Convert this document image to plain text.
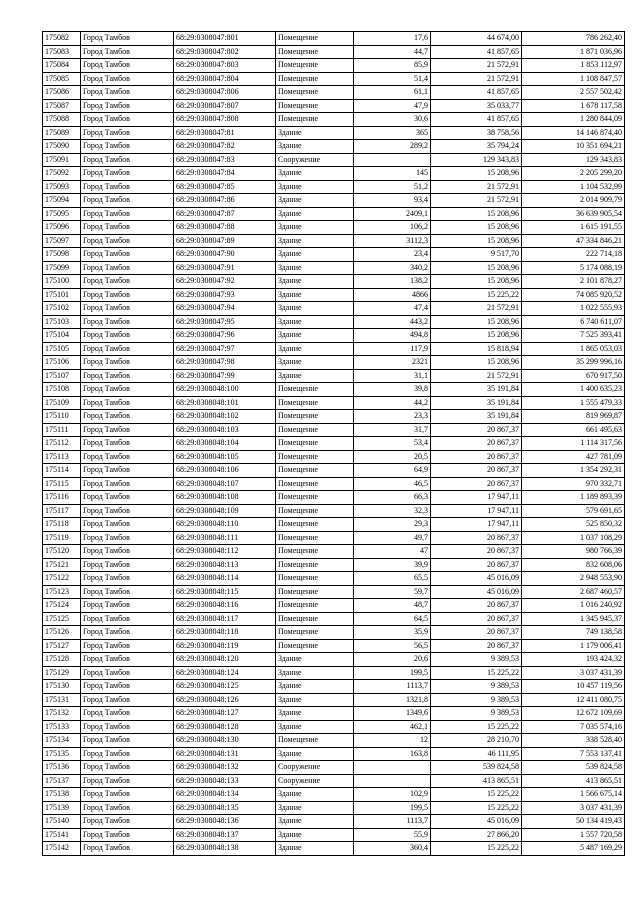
175082	Город Тамбов	68:29:0308047:801	Помещение	17,6	44 674,00	786 262,40
175083	Город Тамбов	68:29:0308047:802	Помещение	44,7	41 857,65	1 871 036,96
175084	Город Тамбов	68:29:0308047:803	Помещение	85,9	21 572,91	1 853 112,97
175085	Город Тамбов	68:29:0308047:804	Помещение	51,4	21 572,91	1 108 847,57
175086	Город Тамбов	68:29:0308047:806	Помещение	61,1	41 857,65	2 557 502,42
175087	Город Тамбов	68:29:0308047:807	Помещение	47,9	35 033,77	1 678 117,58
175088	Город Тамбов	68:29:0308047:808	Помещение	30,6	41 857,65	1 280 844,09
175089	Город Тамбов	68:29:0308047:81	Здание	365	38 758,56	14 146 874,40
175090	Город Тамбов	68:29:0308047:82	Здание	289,2	35 794,24	10 351 694,21
175091	Город Тамбов	68:29:0308047:83	Сооружение		129 343,83	129 343,83
175092	Город Тамбов	68:29:0308047:84	Здание	145	15 208,96	2 205 299,20
175093	Город Тамбов	68:29:0308047:85	Здание	51,2	21 572,91	1 104 532,99
175094	Город Тамбов	68:29:0308047:86	Здание	93,4	21 572,91	2 014 909,79
175095	Город Тамбов	68:29:0308047:87	Здание	2409,1	15 208,96	36 639 905,54
175096	Город Тамбов	68:29:0308047:88	Здание	106,2	15 208,96	1 615 191,55
175097	Город Тамбов	68:29:0308047:89	Здание	3112,3	15 208,96	47 334 846,21
175098	Город Тамбов	68:29:0308047:90	Здание	23,4	9 517,70	222 714,18
175099	Город Тамбов	68:29:0308047:91	Здание	340,2	15 208,96	5 174 088,19
175100	Город Тамбов	68:29:0308047:92	Здание	138,2	15 208,96	2 101 878,27
175101	Город Тамбов	68:29:0308047:93	Здание	4866	15 225,22	74 085 920,52
175102	Город Тамбов	68:29:0308047:94	Здание	47,4	21 572,91	1 022 555,93
175103	Город Тамбов	68:29:0308047:95	Здание	443,2	15 208,96	6 740 611,07
175104	Город Тамбов	68:29:0308047:96	Здание	494,8	15 208,96	7 525 393,41
175105	Город Тамбов	68:29:0308047:97	Здание	117,9	15 818,94	1 865 053,03
175106	Город Тамбов	68:29:0308047:98	Здание	2321	15 208,96	35 299 996,16
175107	Город Тамбов	68:29:0308047:99	Здание	31,1	21 572,91	670 917,50
175108	Город Тамбов	68:29:0308048:100	Помещение	39,8	35 191,84	1 400 635,23
175109	Город Тамбов	68:29:0308048:101	Помещение	44,2	35 191,84	1 555 479,33
175110	Город Тамбов	68:29:0308048:102	Помещение	23,3	35 191,84	819 969,87
175111	Город Тамбов	68:29:0308048:103	Помещение	31,7	20 867,37	661 495,63
175112	Город Тамбов	68:29:0308048:104	Помещение	53,4	20 867,37	1 114 317,56
175113	Город Тамбов	68:29:0308048:105	Помещение	20,5	20 867,37	427 781,09
175114	Город Тамбов	68:29:0308048:106	Помещение	64,9	20 867,37	1 354 292,31
175115	Город Тамбов	68:29:0308048:107	Помещение	46,5	20 867,37	970 332,71
175116	Город Тамбов	68:29:0308048:108	Помещение	66,3	17 947,11	1 189 893,39
175117	Город Тамбов	68:29:0308048:109	Помещение	32,3	17 947,11	579 691,65
175118	Город Тамбов	68:29:0308048:110	Помещение	29,3	17 947,11	525 850,32
175119	Город Тамбов	68:29:0308048:111	Помещение	49,7	20 867,37	1 037 108,29
175120	Город Тамбов	68:29:0308048:112	Помещение	47	20 867,37	980 766,39
175121	Город Тамбов	68:29:0308048:113	Помещение	39,9	20 867,37	832 608,06
175122	Город Тамбов	68:29:0308048:114	Помещение	65,5	45 016,09	2 948 553,90
175123	Город Тамбов	68:29:0308048:115	Помещение	59,7	45 016,09	2 687 460,57
175124	Город Тамбов	68:29:0308048:116	Помещение	48,7	20 867,37	1 016 240,92
175125	Город Тамбов	68:29:0308048:117	Помещение	64,5	20 867,37	1 345 945,37
175126	Город Тамбов	68:29:0308048:118	Помещение	35,9	20 867,37	749 138,58
175127	Город Тамбов	68:29:0308048:119	Помещение	56,5	20 867,37	1 179 006,41
175128	Город Тамбов	68:29:0308048:120	Здание	20,6	9 389,53	193 424,32
175129	Город Тамбов	68:29:0308048:124	Здание	199,5	15 225,22	3 037 431,39
175130	Город Тамбов	68:29:0308048:125	Здание	1113,7	9 389,53	10 457 119,56
175131	Город Тамбов	68:29:0308048:126	Здание	1321,8	9 389,53	12 411 080,75
175132	Город Тамбов	68:29:0308048:127	Здание	1349,6	9 389,53	12 672 109,69
175133	Город Тамбов	68:29:0308048:128	Здание	462,1	15 225,22	7 035 574,16
175134	Город Тамбов	68:29:0308048:130	Помещение	12	28 210,70	338 528,40
175135	Город Тамбов	68:29:0308048:131	Здание	163,8	46 111,95	7 553 137,41
175136	Город Тамбов	68:29:0308048:132	Сооружение		539 824,58	539 824,58
175137	Город Тамбов	68:29:0308048:133	Сооружение		413 865,51	413 865,51
175138	Город Тамбов	68:29:0308048:134	Здание	102,9	15 225,22	1 566 675,14
175139	Город Тамбов	68:29:0308048:135	Здание	199,5	15 225,22	3 037 431,39
175140	Город Тамбов	68:29:0308048:136	Здание	1113,7	45 016,09	50 134 419,43
175141	Город Тамбов	68:29:0308048:137	Здание	55,9	27 866,20	1 557 720,58
175142	Город Тамбов	68:29:0308048:138	Здание	360,4	15 225,22	5 487 169,29
